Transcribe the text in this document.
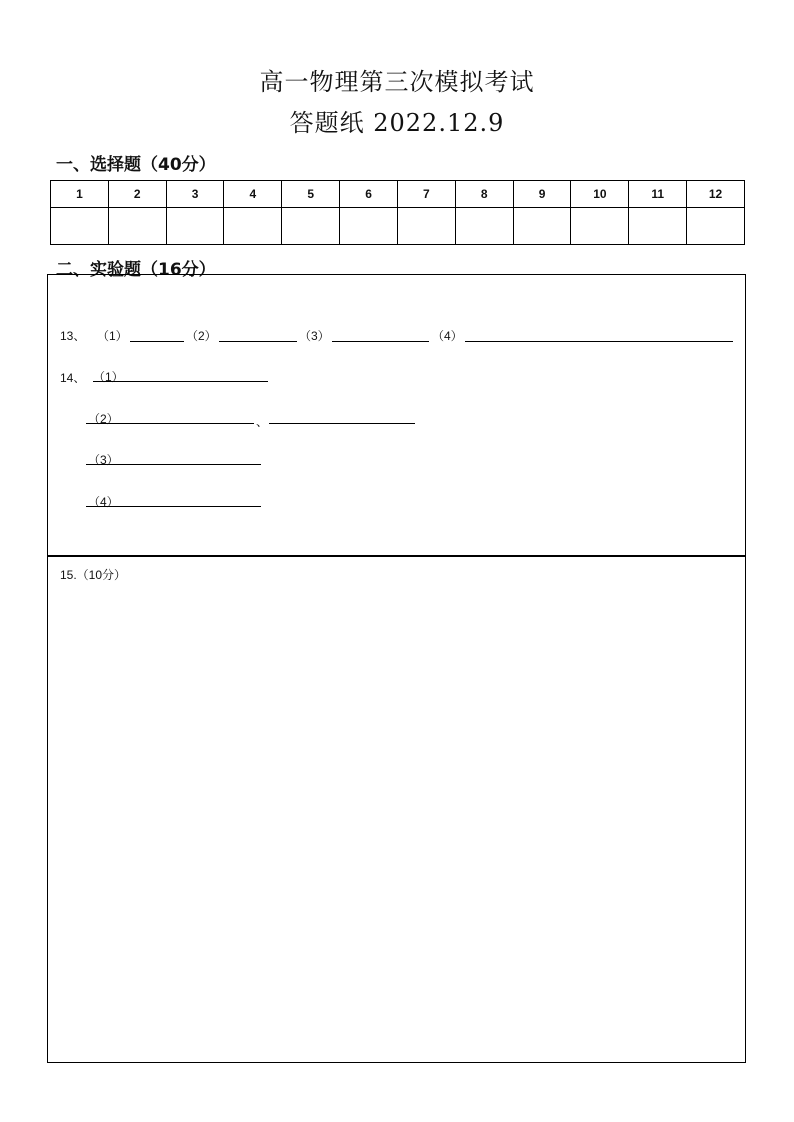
高一物理第三次模拟考试
答题纸 2022.12.9
一、选择题（40分）
1	2	3	4	5	6	7	8	9	10	11	12

二、实验题（16分）
13、 （1）	（2）	（3）	（4）
14、 （1）
（2）	、
（3）
（4）
15.（10分）
